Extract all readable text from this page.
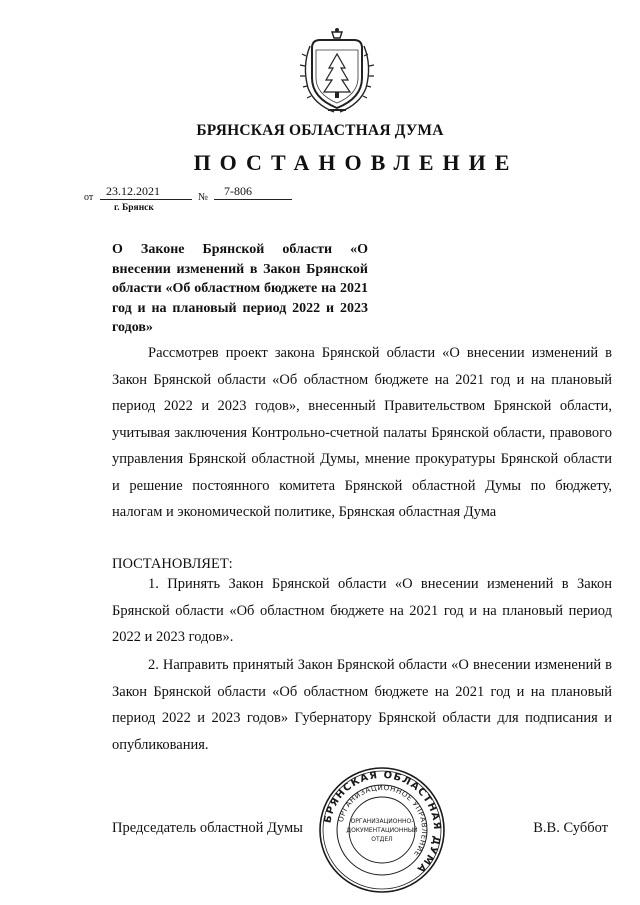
БРЯНСКАЯ ОБЛАСТНАЯ ДУМА
ПОСТАНОВЛЕНИЕ
от 23.12.2021	№ 7-806
г. Брянск
О Законе Брянской области «О внесении изменений в Закон Брянской области «Об областном бюджете на 2021 год и на плановый период 2022 и 2023 годов»
Рассмотрев проект закона Брянской области «О внесении изменений в Закон Брянской области «Об областном бюджете на 2021 год и на плановый период 2022 и 2023 годов», внесенный Правительством Брянской области, учитывая заключения Контрольно-счетной палаты Брянской области, правового управления Брянской областной Думы, мнение прокуратуры Брянской области и решение постоянного комитета Брянской областной Думы по бюджету, налогам и экономической политике, Брянская областная Дума
ПОСТАНОВЛЯЕТ:
1. Принять Закон Брянской области «О внесении изменений в Закон Брянской области «Об областном бюджете на 2021 год и на плановый период 2022 и 2023 годов».
2. Направить принятый Закон Брянской области «О внесении изменений в Закон Брянской области «Об областном бюджете на 2021 год и на плановый период 2022 и 2023 годов» Губернатору Брянской области для подписания и опубликования.
Председатель областной Думы	В.В. Суббот
БРЯНСКАЯ ОБЛАСТНАЯ ДУМА
ОРГАНИЗАЦИОННОЕ УПРАВЛЕНИЕ
ОРГАНИЗАЦИОННО-
ДОКУМЕНТАЦИОННЫЙ
ОТДЕЛ
